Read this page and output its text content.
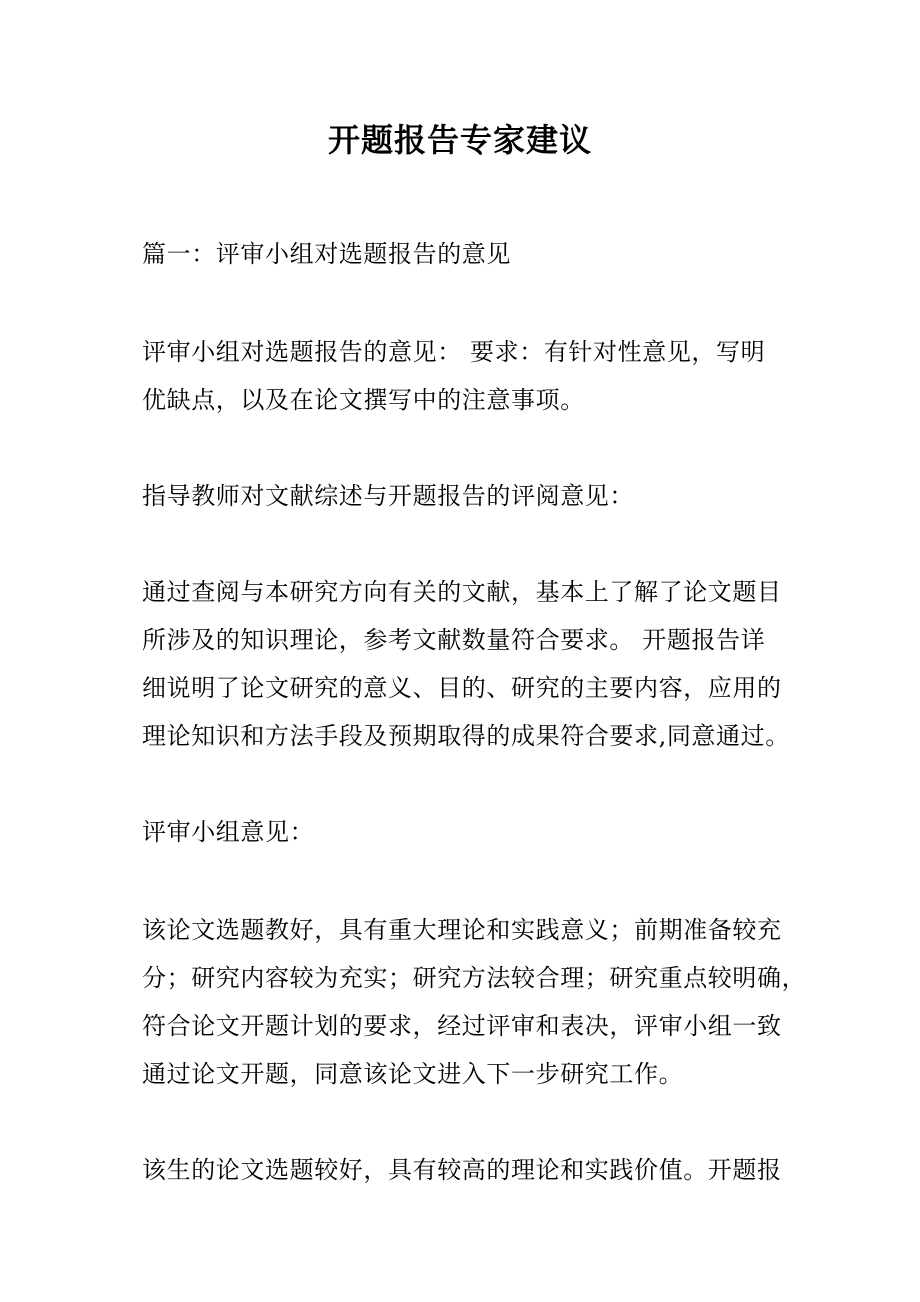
开题报告专家建议
篇一：评审小组对选题报告的意见
评审小组对选题报告的意见： 要求：有针对性意见，写明
优缺点，以及在论文撰写中的注意事项。
指导教师对文献综述与开题报告的评阅意见：
通过查阅与本研究方向有关的文献，基本上了解了论文题目
所涉及的知识理论，参考文献数量符合要求。 开题报告详
细说明了论文研究的意义、目的、研究的主要内容，应用的
理论知识和方法手段及预期取得的成果符合要求,同意通过。
评审小组意见：
该论文选题教好，具有重大理论和实践意义；前期准备较充
分；研究内容较为充实；研究方法较合理；研究重点较明确，
符合论文开题计划的要求，经过评审和表决，评审小组一致
通过论文开题，同意该论文进入下一步研究工作。
该生的论文选题较好，具有较高的理论和实践价值。开题报
